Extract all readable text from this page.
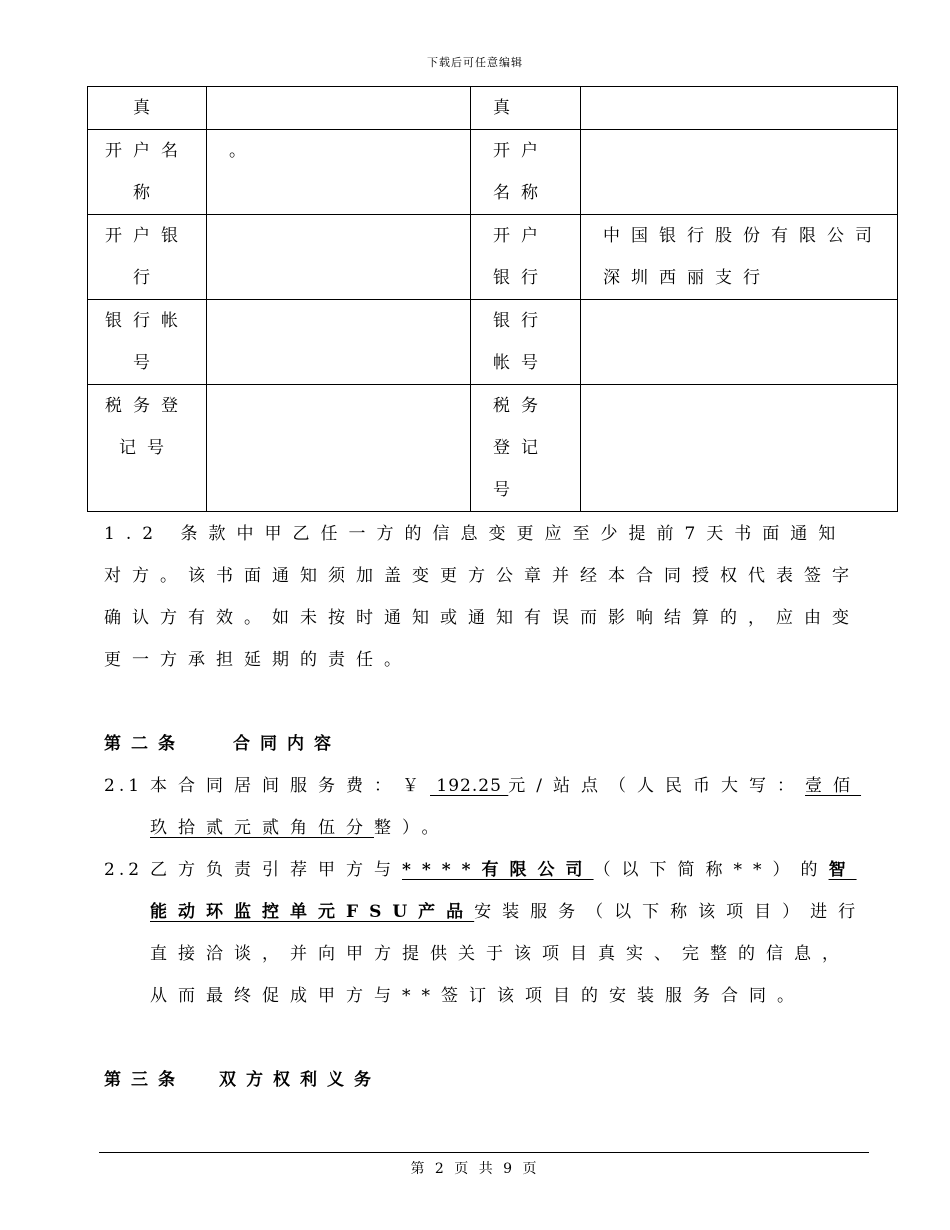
下载后可任意编辑
真		真	
开户名称	。	开户名称	
开户银行		开户银行	中国银行股份有限公司深圳西丽支行
银行帐号		银行帐号	
税务登记号		税务登记号	
1.2 条款中甲乙任一方的信息变更应至少提前7天书面通知对方。该书面通知须加盖变更方公章并经本合同授权代表签字确认方有效。如未按时通知或通知有误而影响结算的，应由变更一方承担延期的责任。
第二条	合同内容
2.1 本合同居间服务费：￥ 192.25 元/站点（人民币大写：壹佰玖拾贰元贰角伍分整）。
2.2 乙方负责引荐甲方与****有限公司（以下简称**）的智能动环监控单元FSU产品安装服务（以下称该项目）进行直接洽谈，并向甲方提供关于该项目真实、完整的信息，从而最终促成甲方与**签订该项目的安装服务合同。
第三条 双方权利义务
第 2 页 共 9 页
